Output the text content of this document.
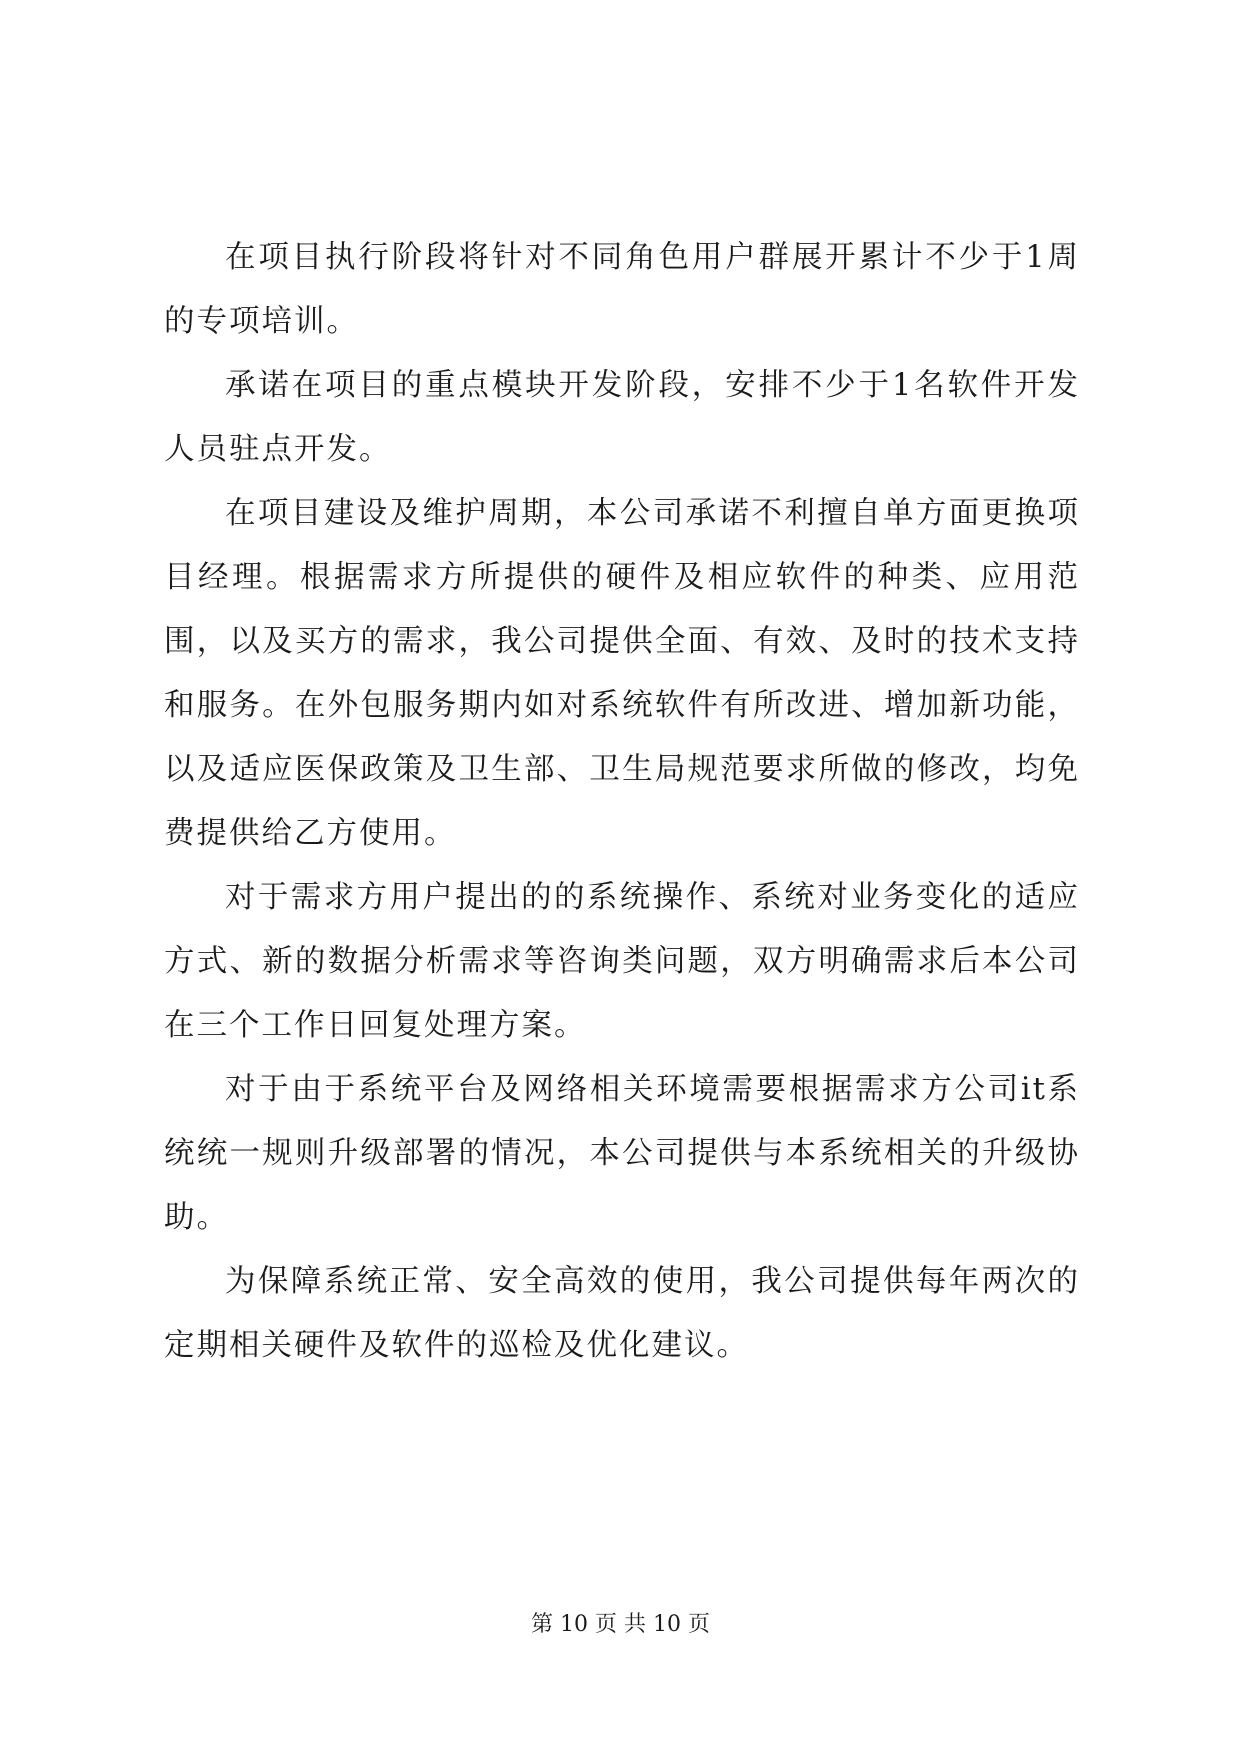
在项目执行阶段将针对不同角色用户群展开累计不少于1周的专项培训。

承诺在项目的重点模块开发阶段，安排不少于1名软件开发人员驻点开发。

在项目建设及维护周期，本公司承诺不利擅自单方面更换项目经理。根据需求方所提供的硬件及相应软件的种类、应用范围，以及买方的需求，我公司提供全面、有效、及时的技术支持和服务。在外包服务期内如对系统软件有所改进、增加新功能，以及适应医保政策及卫生部、卫生局规范要求所做的修改，均免费提供给乙方使用。

对于需求方用户提出的的系统操作、系统对业务变化的适应方式、新的数据分析需求等咨询类问题，双方明确需求后本公司在三个工作日回复处理方案。

对于由于系统平台及网络相关环境需要根据需求方公司it系统统一规则升级部署的情况，本公司提供与本系统相关的升级协助。

为保障系统正常、安全高效的使用，我公司提供每年两次的定期相关硬件及软件的巡检及优化建议。

第 10 页 共 10 页
